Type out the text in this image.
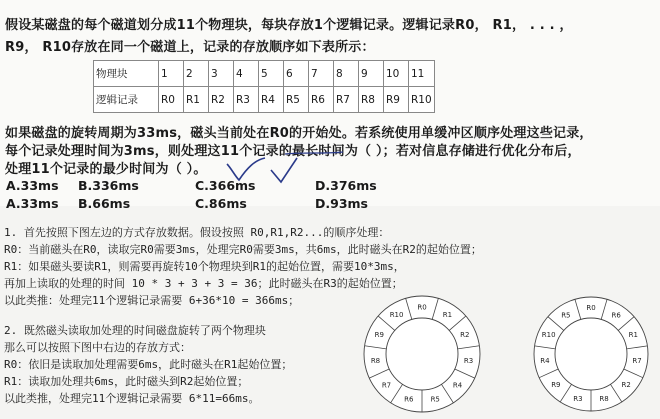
假设某磁盘的每个磁道划分成11个物理块，每块存放1个逻辑记录。逻辑记录R0， R1， . . . ，
R9， R10存放在同一个磁道上，记录的存放顺序如下表所示：
物理块	1	2	3	4	5	6	7	8	9	10	11
逻辑记录	R0	R1	R2	R3	R4	R5	R6	R7	R8	R9	R10
如果磁盘的旋转周期为33ms，磁头当前处在R0的开始处。若系统使用单缓冲区顺序处理这些记录，
每个记录处理时间为3ms，则处理这11个记录的最长时间为（ ）；若对信息存储进行优化分布后，
处理11个记录的最少时间为（ ）。
A.33ms B.336ms	C.366ms	D.376ms
A.33ms B.66ms	C.86ms	D.93ms
1. 首先按照下图左边的方式存放数据。假设按照 R0,R1,R2...的顺序处理：
R0：当前磁头在R0，读取完R0需要3ms，处理完R0需要3ms，共6ms，此时磁头在R2的起始位置；
R1：如果磁头要读R1，则需要再旋转10个物理块到R1的起始位置，需要10*3ms，
再加上读取的处理的时间 10 * 3 + 3 + 3 = 36；此时磁头在R3的起始位置；
以此类推：处理完11个逻辑记录需要 6+36*10 = 366ms；
2. 既然磁头读取加处理的时间磁盘旋转了两个物理块
那么可以按照下图中右边的存放方式：
R0：依旧是读取加处理需要6ms，此时磁头在R1起始位置；
R1：读取加处理共6ms，此时磁头到R2起始位置；
以此类推，处理完11个逻辑记录需要 6*11=66ms。
R0
R1
R2
R3
R4
R5
R6
R7
R8
R9
R10
R0
R6
R1
R7
R2
R8
R3
R9
R4
R10
R5
